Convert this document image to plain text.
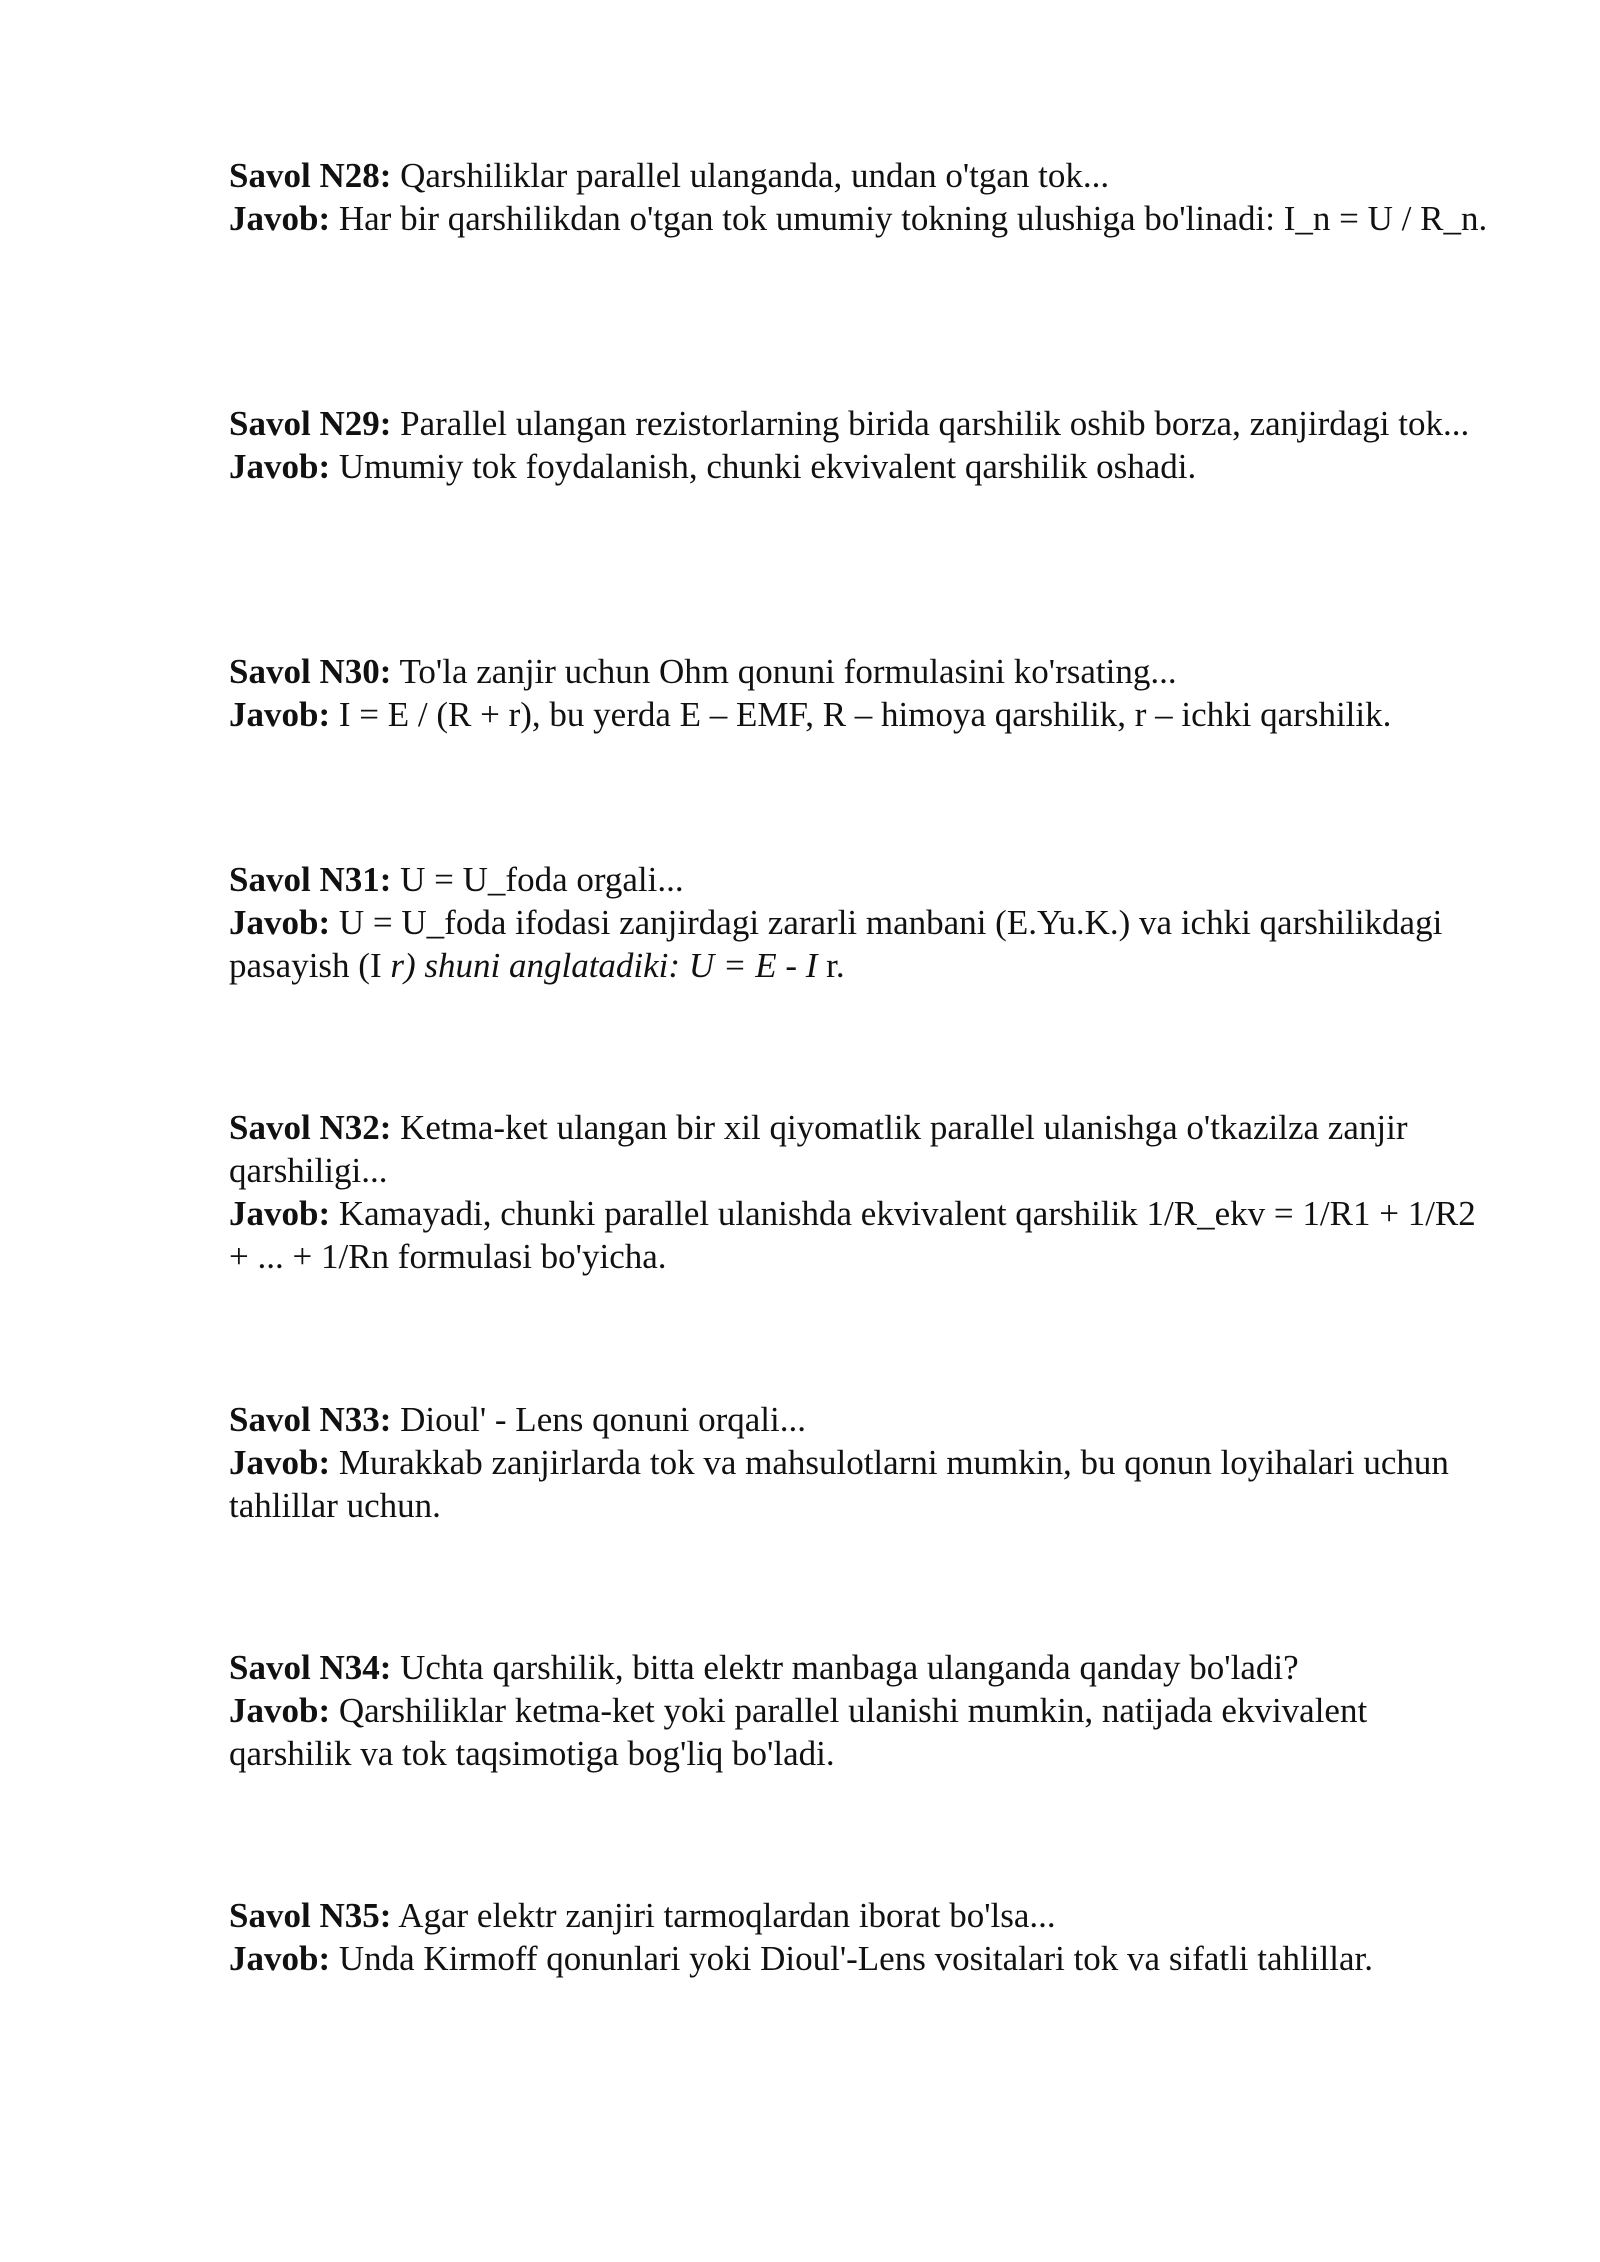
Savol N28: Qarshiliklar parallel ulanganda, undan o'tgan tok...

Javob: Har bir qarshilikdan o'tgan tok umumiy tokning ulushiga bo'linadi: I_n = U / R_n.

Savol N29: Parallel ulangan rezistorlarning birida qarshilik oshib borza, zanjirdagi tok...

Javob: Umumiy tok foydalanish, chunki ekvivalent qarshilik oshadi.

Savol N30: To'la zanjir uchun Ohm qonuni formulasini ko'rsating...

Javob: I = E / (R + r), bu yerda E – EMF, R – himoya qarshilik, r – ichki qarshilik.

Savol N31: U = U_foda orgali...

Javob: U = U_foda ifodasi zanjirdagi zararli manbani (E.Yu.K.) va ichki qarshilikdagi pasayish (I r) shuni anglatadiki: U = E - I r.

Savol N32: Ketma-ket ulangan bir xil qiyomatlik parallel ulanishga o'tkazilza zanjir qarshiligi...

Javob: Kamayadi, chunki parallel ulanishda ekvivalent qarshilik 1/R_ekv = 1/R1 + 1/R2 + ... + 1/Rn formulasi bo'yicha.

Savol N33: Dioul' - Lens qonuni orqali...

Javob: Murakkab zanjirlarda tok va mahsulotlarni mumkin, bu qonun loyihalari uchun tahlillar uchun.

Savol N34: Uchta qarshilik, bitta elektr manbaga ulanganda qanday bo'ladi?

Javob: Qarshiliklar ketma-ket yoki parallel ulanishi mumkin, natijada ekvivalent qarshilik va tok taqsimotiga bog'liq bo'ladi.

Savol N35: Agar elektr zanjiri tarmoqlardan iborat bo'lsa...

Javob: Unda Kirmoff qonunlari yoki Dioul'-Lens vositalari tok va sifatli tahlillar.
